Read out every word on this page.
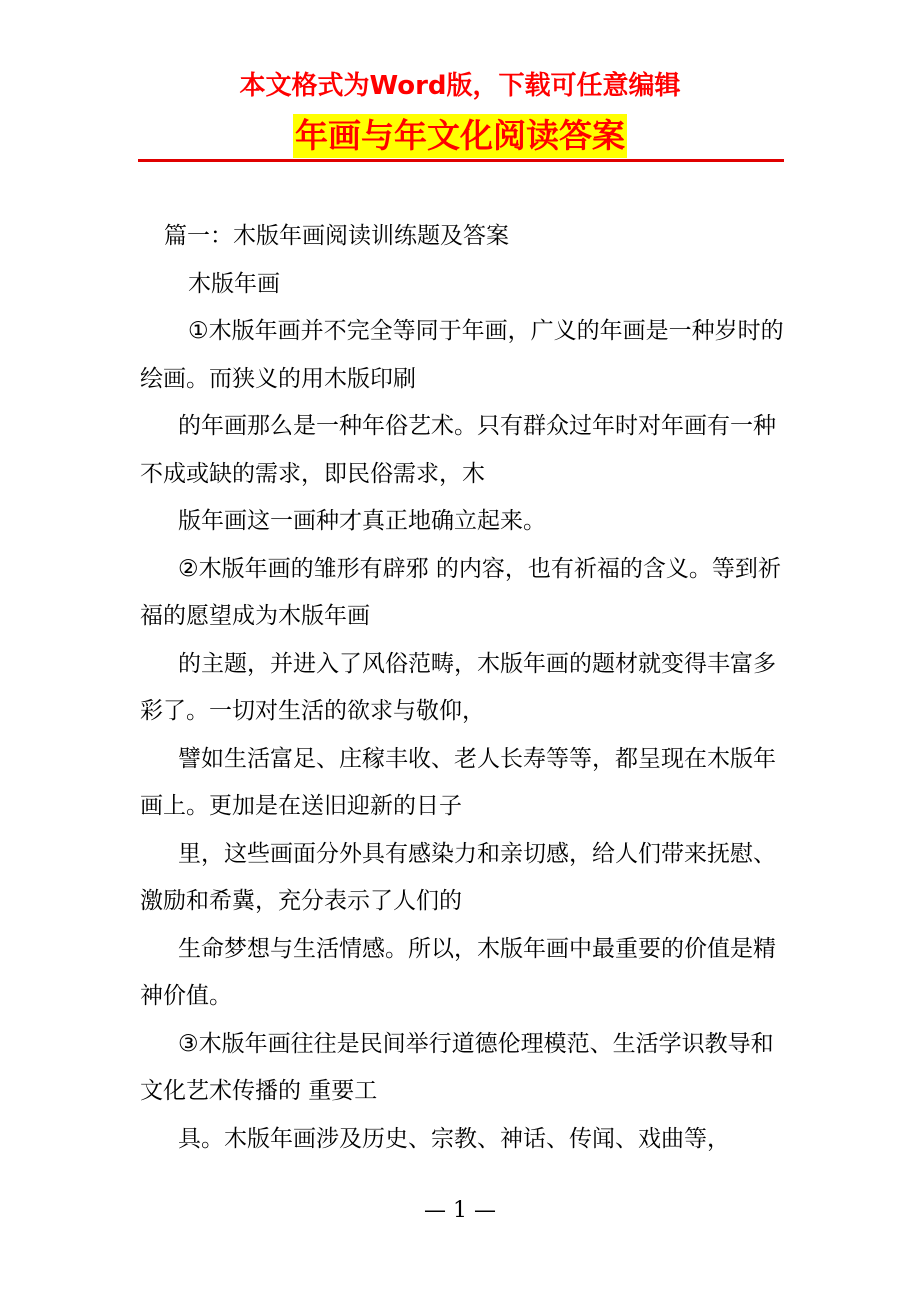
本文格式为Word版，下载可任意编辑
年画与年文化阅读答案

篇一：木版年画阅读训练题及答案

木版年画

①木版年画并不完全等同于年画，广义的年画是一种岁时的绘画。而狭义的用木版印刷

的年画那么是一种年俗艺术。只有群众过年时对年画有一种不成或缺的需求，即民俗需求，木

版年画这一画种才真正地确立起来。

②木版年画的雏形有辟邪 的内容，也有祈福的含义。等到祈福的愿望成为木版年画

的主题，并进入了风俗范畴，木版年画的题材就变得丰富多彩了。一切对生活的欲求与敬仰，

譬如生活富足、庄稼丰收、老人长寿等等，都呈现在木版年画上。更加是在送旧迎新的日子

里，这些画面分外具有感染力和亲切感，给人们带来抚慰、激励和希冀，充分表示了人们的

生命梦想与生活情感。所以，木版年画中最重要的价值是精神价值。

③木版年画往往是民间举行道德伦理模范、生活学识教导和文化艺术传播的 重要工

具。木版年画涉及历史、宗教、神话、传闻、戏曲等，

— 1 —
